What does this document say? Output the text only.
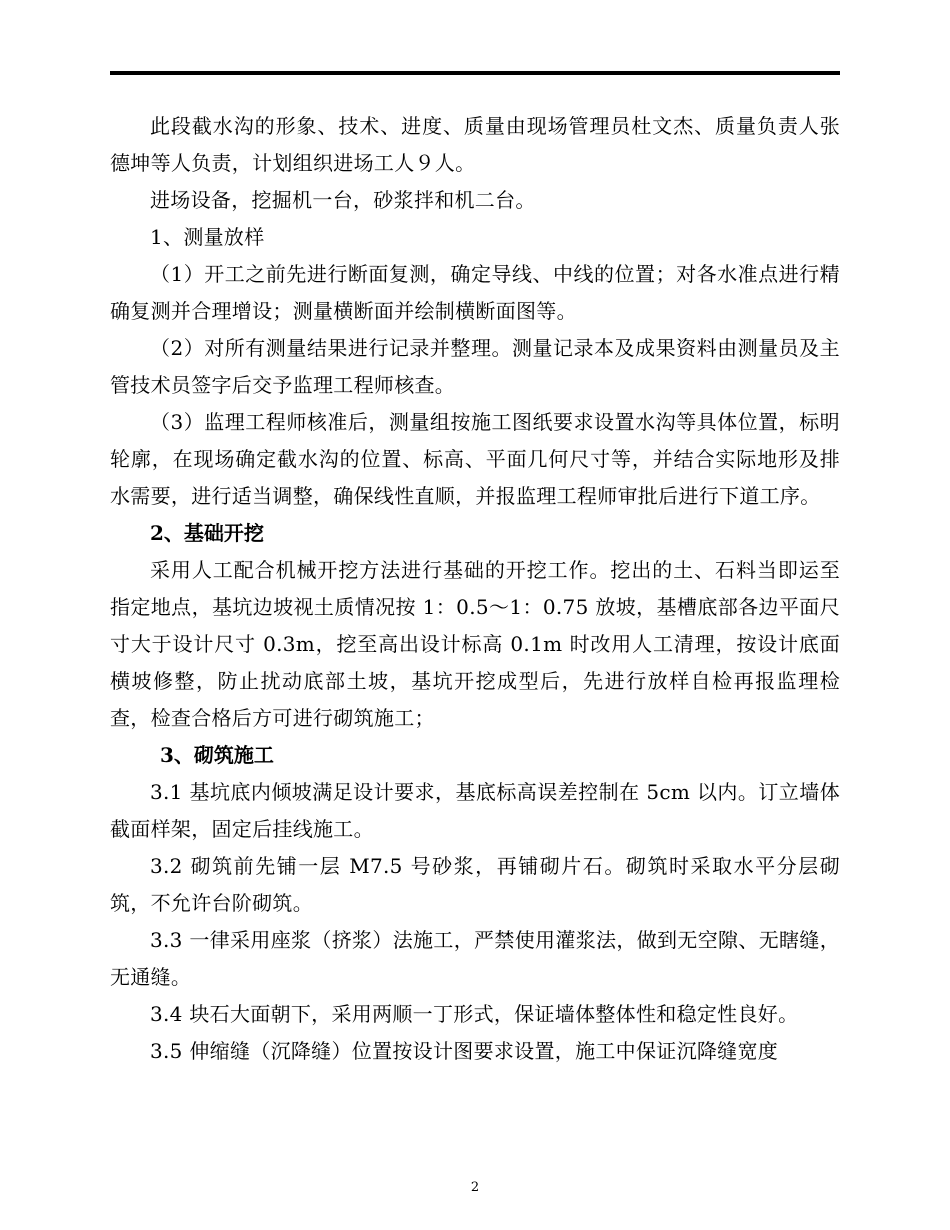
此段截水沟的形象、技术、进度、质量由现场管理员杜文杰、质量负责人张德坤等人负责，计划组织进场工人９人。

进场设备，挖掘机一台，砂浆拌和机二台。

1、测量放样

（1）开工之前先进行断面复测，确定导线、中线的位置；对各水准点进行精确复测并合理增设；测量横断面并绘制横断面图等。

（2）对所有测量结果进行记录并整理。测量记录本及成果资料由测量员及主管技术员签字后交予监理工程师核查。

（3）监理工程师核准后，测量组按施工图纸要求设置水沟等具体位置，标明轮廓，在现场确定截水沟的位置、标高、平面几何尺寸等，并结合实际地形及排水需要，进行适当调整，确保线性直顺，并报监理工程师审批后进行下道工序。

2、基础开挖

采用人工配合机械开挖方法进行基础的开挖工作。挖出的土、石料当即运至指定地点，基坑边坡视土质情况按 1：0.5～1：0.75 放坡，基槽底部各边平面尺寸大于设计尺寸 0.3m，挖至高出设计标高 0.1m 时改用人工清理，按设计底面横坡修整，防止扰动底部土坡，基坑开挖成型后，先进行放样自检再报监理检查，检查合格后方可进行砌筑施工；

3、砌筑施工

3.1 基坑底内倾坡满足设计要求，基底标高误差控制在 5cm 以内。订立墙体截面样架，固定后挂线施工。

3.2 砌筑前先铺一层 M7.5 号砂浆，再铺砌片石。砌筑时采取水平分层砌筑，不允许台阶砌筑。

3.3 一律采用座浆（挤浆）法施工，严禁使用灌浆法，做到无空隙、无瞎缝，无通缝。

3.4 块石大面朝下，采用两顺一丁形式，保证墙体整体性和稳定性良好。

3.5 伸缩缝（沉降缝）位置按设计图要求设置，施工中保证沉降缝宽度

2
